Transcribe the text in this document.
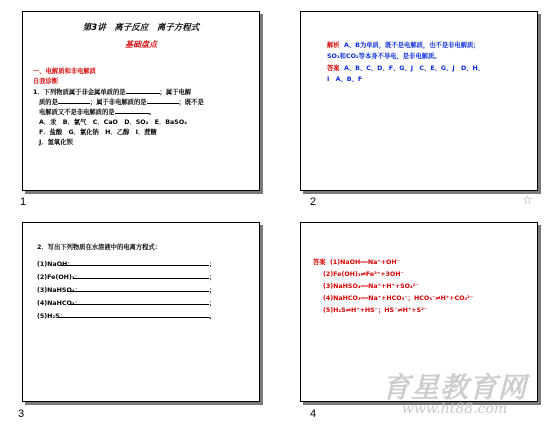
第3讲　离子反应　离子方程式
基础盘点
一、电解质和非电解质
自我诊断
1．下列物质属于非金属单质的是	；属于电解
质的是	；属于非电解质的是	；既不是
电解质又不是非电解质的是	。
A．汞　B．氯气　C．CaO　D．SO₂　E．BaSO₄
F．盐酸　G．氯化钠　H．乙醇　I．蔗糖
J．氢氧化钡
1
解析 A、B为单质，既不是电解质，也不是非电解质；
SO₂和CO₂等本身不导电，是非电解质。
答案 A、B、C、D、F、G、J　C、E、G、J　D、H、
I　A、B、F
2	☆
2．写出下列物质在水溶液中的电离方程式：
(1)NaOH：	；
(2)Fe(OH)₃：	；
(3)NaHSO₄：	；
(4)NaHCO₃：	；
(5)H₂S：	。
3
答案 (1)NaOH══Na⁺+OH⁻
(2)Fe(OH)₃⇌Fe³⁺+3OH⁻
(3)NaHSO₄══Na⁺+H⁺+SO₄²⁻
(4)NaHCO₃══Na⁺+HCO₃⁻；HCO₃⁻⇌H⁺+CO₃²⁻
(5)H₂S⇌H⁺+HS⁻；HS⁻⇌H⁺+S²⁻
4
育星教育网
www.ht88.com
